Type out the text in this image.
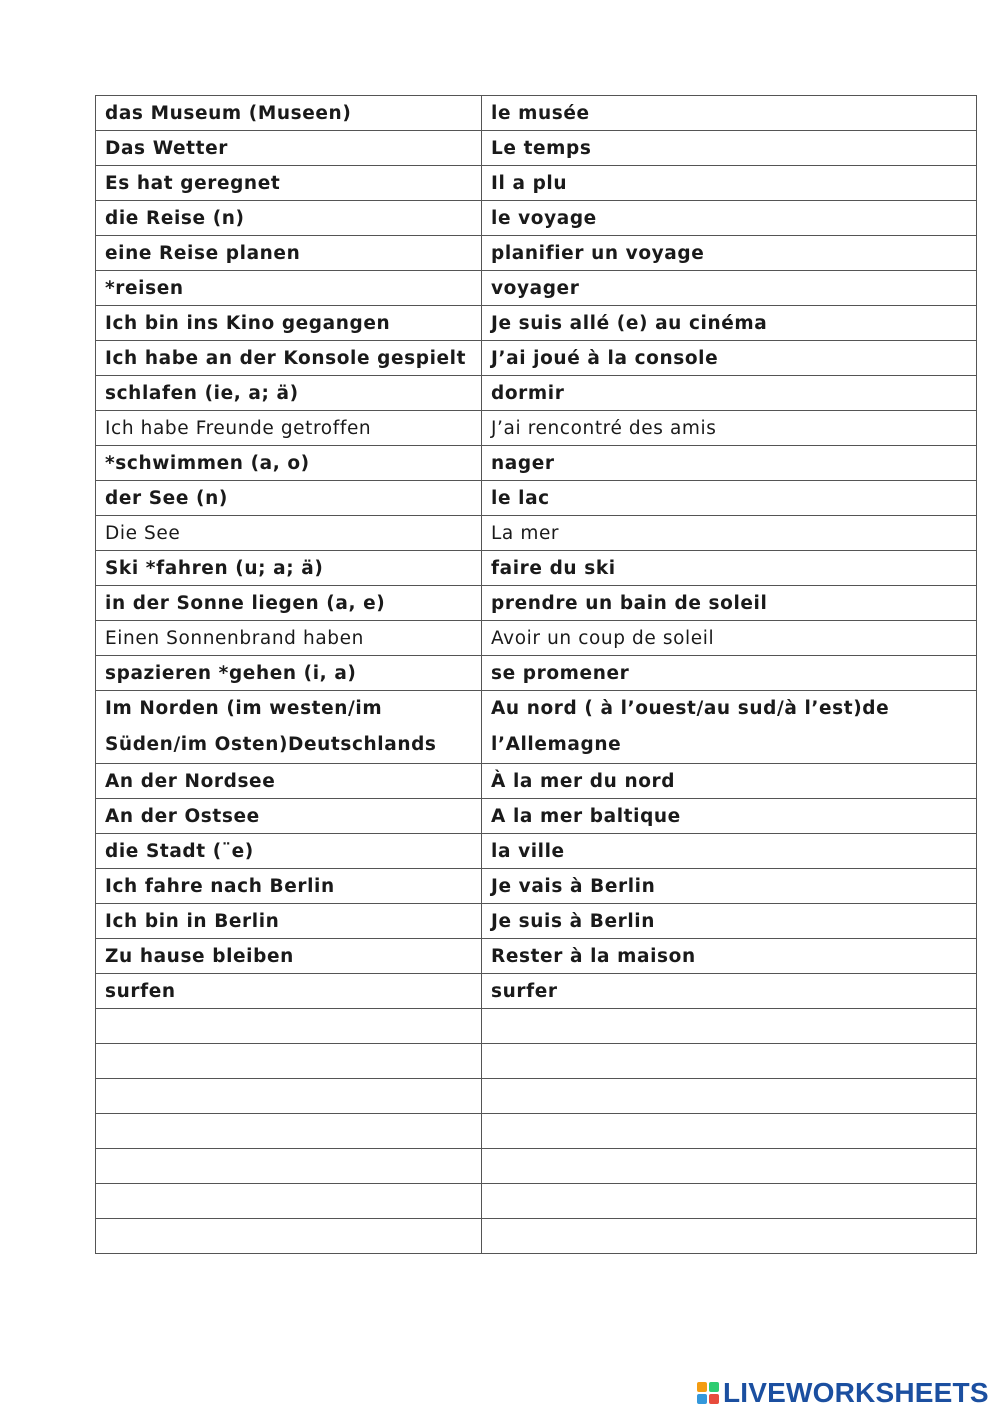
das Museum (Museen)	le musée
Das Wetter	Le temps
Es hat geregnet	Il a plu
die Reise (n)	le voyage
eine Reise planen	planifier un voyage
*reisen	voyager
Ich bin ins Kino gegangen	Je suis allé (e) au cinéma
Ich habe an der Konsole gespielt	J’ai joué à la console
schlafen (ie, a; ä)	dormir
Ich habe Freunde getroffen	J’ai rencontré des amis
*schwimmen (a, o)	nager
der See (n)	le lac
Die See	La mer
Ski *fahren (u; a; ä)	faire du ski
in der Sonne liegen (a, e)	prendre un bain de soleil
Einen Sonnenbrand haben	Avoir un coup de soleil
spazieren *gehen (i, a)	se promener
Im Norden (im westen/im
Süden/im Osten)Deutschlands	Au nord ( à l’ouest/au sud/à l’est)de
l’Allemagne
An der Nordsee	À la mer du nord
An der Ostsee	A la mer baltique
die Stadt (¨e)	la ville
Ich fahre nach Berlin	Je vais à Berlin
Ich bin in Berlin	Je suis à Berlin
Zu hause bleiben	Rester à la maison
surfen	surfer

LIVEWORKSHEETS
